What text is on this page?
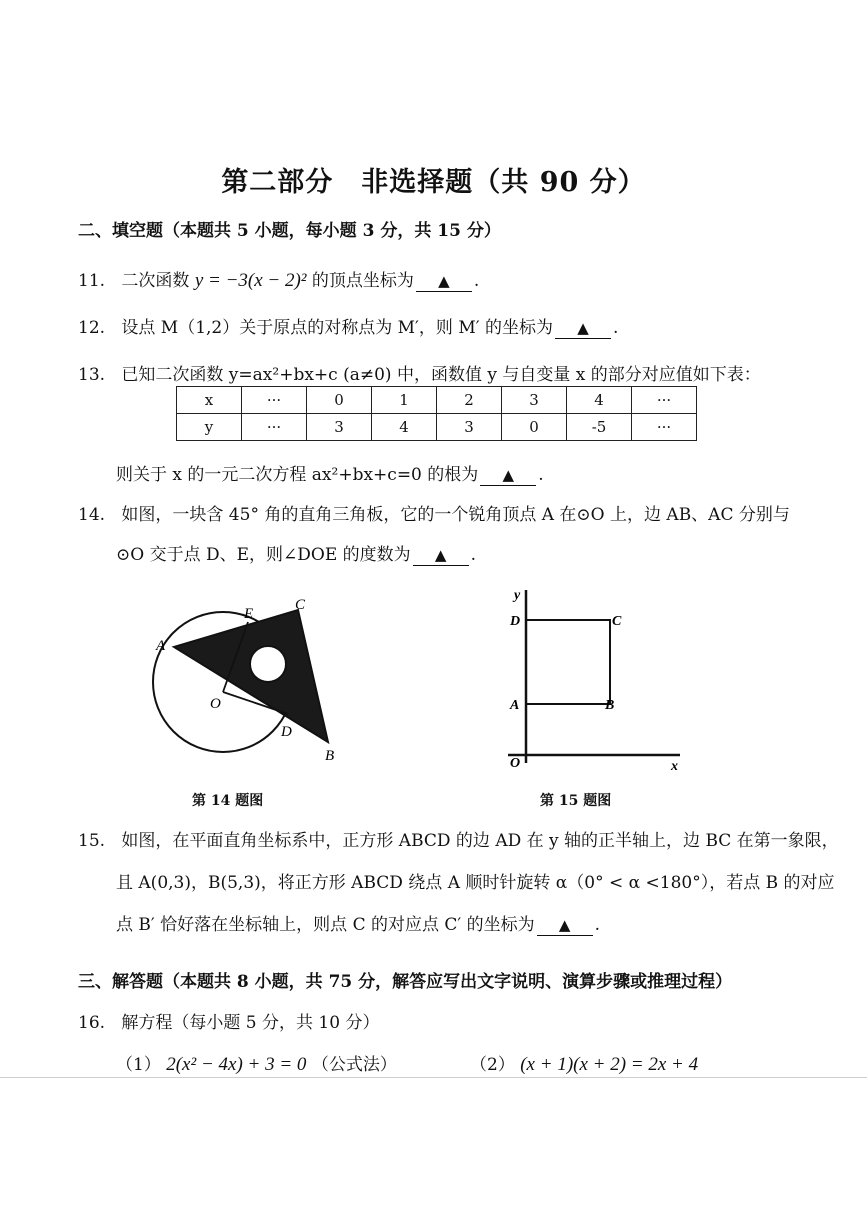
第二部分　非选择题（共 90 分）
二、填空题（本题共 5 小题，每小题 3 分，共 15 分）
11. 二次函数 y = −3(x − 2)² 的顶点坐标为 ▲ .
12. 设点 M（1,2）关于原点的对称点为 M′，则 M′ 的坐标为 ▲ .
13. 已知二次函数 y=ax²+bx+c (a≠0) 中，函数值 y 与自变量 x 的部分对应值如下表：
x	···	0	1	2	3	4	···
y	···	3	4	3	0	-5	···
则关于 x 的一元二次方程 ax²+bx+c=0 的根为 ▲ .
14. 如图，一块含 45° 角的直角三角板，它的一个锐角顶点 A 在⊙O 上，边 AB、AC 分别与
⊙O 交于点 D、E，则∠DOE 的度数为 ▲ .
A
B
C
D
E
O
第 14 题图
y
x
O
A	B
C
D
第 15 题图
15. 如图，在平面直角坐标系中，正方形 ABCD 的边 AD 在 y 轴的正半轴上，边 BC 在第一象限，
且 A(0,3)，B(5,3)，将正方形 ABCD 绕点 A 顺时针旋转 α（0° < α <180°），若点 B 的对应
点 B′ 恰好落在坐标轴上，则点 C 的对应点 C′ 的坐标为 ▲ .
三、解答题（本题共 8 小题，共 75 分，解答应写出文字说明、演算步骤或推理过程）
16. 解方程（每小题 5 分，共 10 分）
（1） 2(x² − 4x) + 3 = 0 （公式法）	（2） (x + 1)(x + 2) = 2x + 4
